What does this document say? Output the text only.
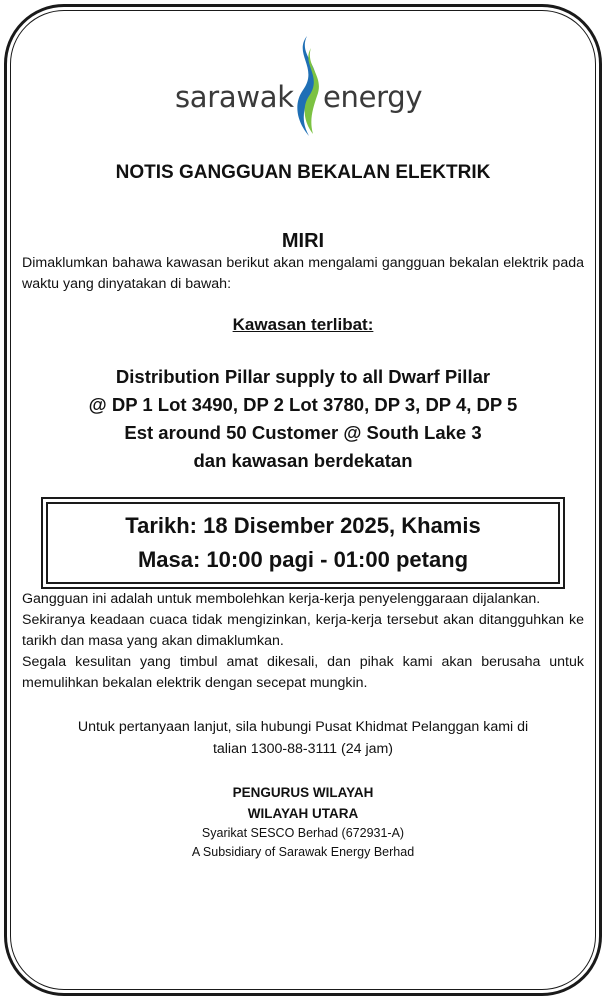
sarawak energy
NOTIS GANGGUAN BEKALAN ELEKTRIK
MIRI

Dimaklumkan bahawa kawasan berikut akan mengalami gangguan bekalan elektrik pada waktu yang dinyatakan di bawah:

Kawasan terlibat:
Distribution Pillar supply to all Dwarf Pillar
@ DP 1 Lot 3490, DP 2 Lot 3780, DP 3, DP 4, DP 5
Est around 50 Customer @ South Lake 3
dan kawasan berdekatan
Tarikh: 18 Disember 2025, Khamis
Masa: 10:00 pagi - 01:00 petang

Gangguan ini adalah untuk membolehkan kerja-kerja penyelenggaraan dijalankan.

Sekiranya keadaan cuaca tidak mengizinkan, kerja-kerja tersebut akan ditangguhkan ke tarikh dan masa yang akan dimaklumkan.

Segala kesulitan yang timbul amat dikesali, dan pihak kami akan berusaha untuk memulihkan bekalan elektrik dengan secepat mungkin.

Untuk pertanyaan lanjut, sila hubungi Pusat Khidmat Pelanggan kami di
talian 1300-88-3111 (24 jam)
PENGURUS WILAYAH
WILAYAH UTARA
Syarikat SESCO Berhad (672931-A)
A Subsidiary of Sarawak Energy Berhad
